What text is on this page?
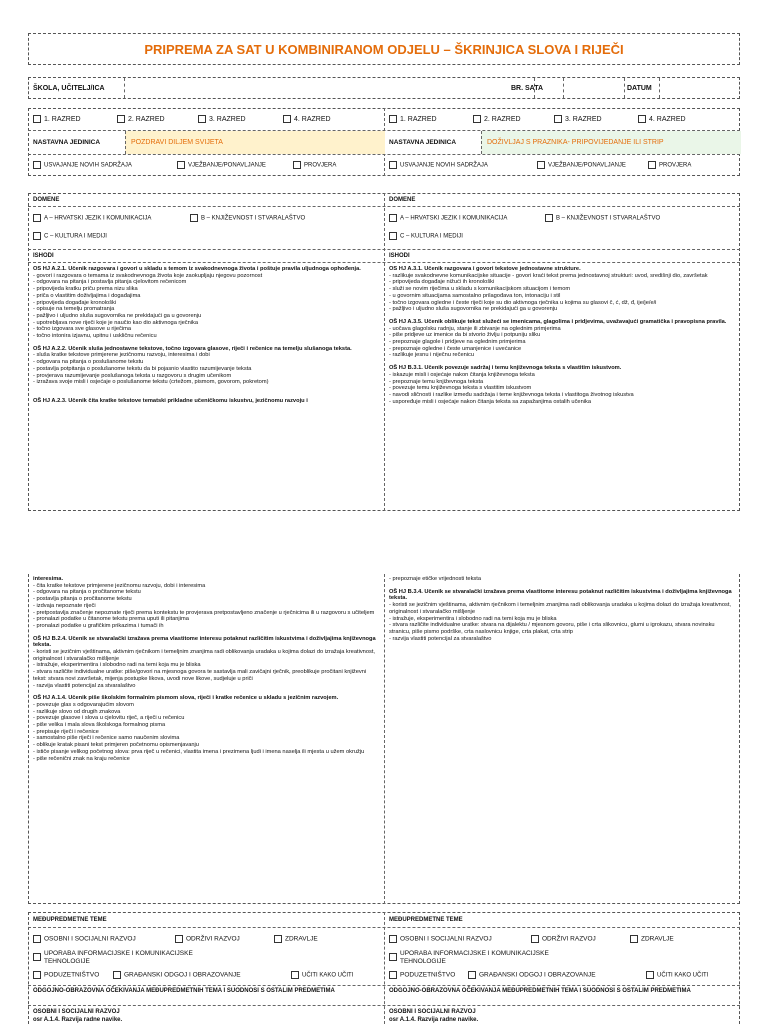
PRIPREMA ZA SAT U KOMBINIRANOM ODJELU – ŠKRINJICA SLOVA I RIJEČI
ŠKOLA, UČITELJ/ICA	BR. SATA	DATUM
1. RAZRED	2. RAZRED	3. RAZRED	4. RAZRED	1. RAZRED	2. RAZRED	3. RAZRED	4. RAZRED
NASTAVNA JEDINICA	POZDRAVI DILJEM SVIJETA	NASTAVNA JEDINICA	DOŽIVLJAJ S PRAZNIKA- PRIPOVIJEDANJE ILI STRIP
USVAJANJE NOVIH SADRŽAJA	VJEŽBANJE/PONAVLJANJE	PROVJERA	USVAJANJE NOVIH SADRŽAJA	VJEŽBANJE/PONAVLJANJE	PROVJERA
DOMENE	DOMENE
A – HRVATSKI JEZIK I KOMUNIKACIJA	B – KNJIŽEVNOST I STVARALAŠTVO
C – KULTURA I MEDIJI
A – HRVATSKI JEZIK I KOMUNIKACIJA	B – KNJIŽEVNOST I STVARALAŠTVO
C – KULTURA I MEDIJI
ISHODI	ISHODI
OŠ HJ A.2.1. Učenik razgovara i govori u skladu s temom iz svakodnevnoga života i poštuje pravila uljudnoga ophođenja.
- govori i razgovara o temama iz svakodnevnoga života koje zaokupljaju njegovu pozornost
- odgovara na pitanja i postavlja pitanja cjelovitom rečenicom
- pripovijeda kratku priču prema nizu slika
- priča o vlastitim doživljajima i događajima
- pripovijeda događaje kronološki
- opisuje na temelju promatranja
- pažljivo i uljudno sluša sugovornika ne prekidajući ga u govorenju
- upotrebljava nove riječi koje je naučio kao dio aktivnoga rječnika
- točno izgovara sve glasove u riječima
- točno intonira izjavnu, upitnu i uskličnu rečenicu
OŠ HJ A.2.2. Učenik sluša jednostavne tekstove, točno izgovara glasove, riječi i rečenice na temelju slušanoga teksta.
- sluša kratke tekstove primjerene jezičnomu razvoju, interesima i dobi
- odgovara na pitanja o poslušanome tekstu
- postavlja potpitanja o poslušanome tekstu da bi pojasnio vlastito razumijevanje teksta
- provjerava razumijevanje poslušanoga teksta u razgovoru s drugim učenikom
- izražava svoje misli i osjećaje o poslušanome tekstu (crtežom, pismom, govorom, pokretom)
OŠ HJ A.2.3. Učenik čita kratke tekstove tematski prikladne učeničkomu iskustvu, jezičnomu razvoju i
OŠ HJ A.3.1. Učenik razgovara i govori tekstove jednostavne strukture.
- razlikuje svakodnevne komunikacijske situacije - govori kraći tekst prema jednostavnoj strukturi: uvod, središnji dio, završetak
- pripovijeda događaje nižući ih kronološki
- služi se novim riječima u skladu s komunikacijskom situacijom i temom
- u govornim situacijama samostalno prilagođava ton, intonaciju i stil
- točno izgovara ogledne i česte riječi koje su dio aktivnoga rječnika u kojima su glasovi č, ć, dž, đ, ije/je/e/i
- pažljivo i uljudno sluša sugovornika ne prekidajući ga u govorenju
OŠ HJ A.3.5. Učenik oblikuje tekst služeći se imenicama, glagolima i pridjevima, uvažavajući gramatička i pravopisna pravila.
- uočava glagolsku radnju, stanje ili zbivanje na oglednim primjerima
- piše pridjeve uz imenice da bi stvorio življu i potpuniju sliku
- prepoznaje glagole i pridjeve na oglednim primjerima
- prepoznaje ogledne i česte umanjenice i uvećanice
- razlikuje jesnu i niječnu rečenicu
OŠ HJ B.3.1. Učenik povezuje sadržaj i temu književnoga teksta s vlastitim iskustvom.
- iskazuje misli i osjećaje nakon čitanja književnoga teksta
- prepoznaje temu književnoga teksta
- povezuje temu književnoga teksta s vlastitim iskustvom
- navodi sličnosti i razlike između sadržaja i teme književnoga teksta i vlastitoga životnog iskustva
- uspoređuje misli i osjećaje nakon čitanja teksta sa zapažanjima ostalih učenika
interesima.
- čita kratke tekstove primjerene jezičnomu razvoju, dobi i interesima
- odgovara na pitanja o pročitanome tekstu
- postavlja pitanja o pročitanome tekstu
- izdvaja nepoznate riječi
- pretpostavlja značenje nepoznate riječi prema kontekstu te provjerava pretpostavljeno značenje u rječnicima ili u razgovoru s učiteljem
- pronalazi podatke u čitanome tekstu prema uputi ili pitanjima
- pronalazi podatke u grafičkim prikazima i tumači ih
OŠ HJ B.2.4. Učenik se stvaralački izražava prema vlastitome interesu potaknut različitim iskustvima i doživljajima književnoga teksta.
- koristi se jezičnim vještinama, aktivnim rječnikom i temeljnim znanjima radi oblikovanja uradaka u kojima dolazi do izražaja kreativnost, originalnost i stvaralačko mišljenje
- istražuje, eksperimentira i slobodno radi na temi koja mu je bliska
- stvara različite individualne uratke: piše/govori na mjesnoga govora te sastavlja mali zavičajni rječnik, preoblikuje pročitani književni tekst: stvara novi završetak, mijenja postupke likova, uvodi nove likove, sudjeluje u priči
- razvija vlastiti potencijal za stvaralaštvo
OŠ HJ A.1.4. Učenik piše školskim formalnim pismom slova, riječi i kratke rečenice u skladu s jezičnim razvojem.
- povezuje glas s odgovarajućim slovom
- razlikuje slovo od drugih znakova
- povezuje glasove i slova u cjelovitu riječ, a riječi u rečenicu
- piše velika i mala slova školskoga formalnog pisma
- prepisuje riječi i rečenice
- samostalno piše riječi i rečenice samo naučenim slovima
- oblikuje kratak pisani tekst primjeren početnomu opismenjavanju
- ističe pisanje velikog početnog slova: prva riječ u rečenici, vlastita imena i prezimena ljudi i imena naselja ili mjesta u užem okružju
- piše rečenični znak na kraju rečenice
- prepoznaje etičke vrijednosti teksta
OŠ HJ B.3.4. Učenik se stvaralački izražava prema vlastitome interesu potaknut različitim iskustvima i doživljajima književnoga teksta.
- koristi se jezičnim vještinama, aktivnim rječnikom i temeljnim znanjima radi oblikovanja uradaka u kojima dolazi do izražaja kreativnost, originalnost i stvaralačko mišljenje
- istražuje, eksperimentira i slobodno radi na temi koja mu je bliska
- stvara različite individualne uratke: stvara na dijalektu / mjesnom govoru, piše i crta slikovnicu, glumi u igrokazu, stvara novinsku stranicu, piše pismo podrške, crta naslovnicu knjige, crta plakat, crta strip
- razvija vlastiti potencijal za stvaralaštvo
MEĐUPREDMETNE TEME	MEĐUPREDMETNE TEME
OSOBNI I SOCIJALNI RAZVOJ	ODRŽIVI RAZVOJ	ZDRAVLJE
UPORABA INFORMACIJSKE I KOMUNIKACIJSKE TEHNOLOGIJE
PODUZETNIŠTVO	GRAĐANSKI ODGOJ I OBRAZOVANJE	UČITI KAKO UČITI
OSOBNI I SOCIJALNI RAZVOJ	ODRŽIVI RAZVOJ	ZDRAVLJE
UPORABA INFORMACIJSKE I KOMUNIKACIJSKE TEHNOLOGIJE
PODUZETNIŠTVO	GRAĐANSKI ODGOJ I OBRAZOVANJE	UČITI KAKO UČITI
ODGOJNO-OBRAZOVNA OČEKIVANJA MEĐUPREDMETNIH TEMA I SUODNOSI S OSTALIM PREDMETIMA	ODGOJNO-OBRAZOVNA OČEKIVANJA MEĐUPREDMETNIH TEMA I SUODNOSI S OSTALIM PREDMETIMA
OSOBNI I SOCIJALNI RAZVOJ	OSOBNI I SOCIJALNI RAZVOJ
osr A.1.4. Razvija radne navike.	osr A.1.4. Razvija radne navike.
